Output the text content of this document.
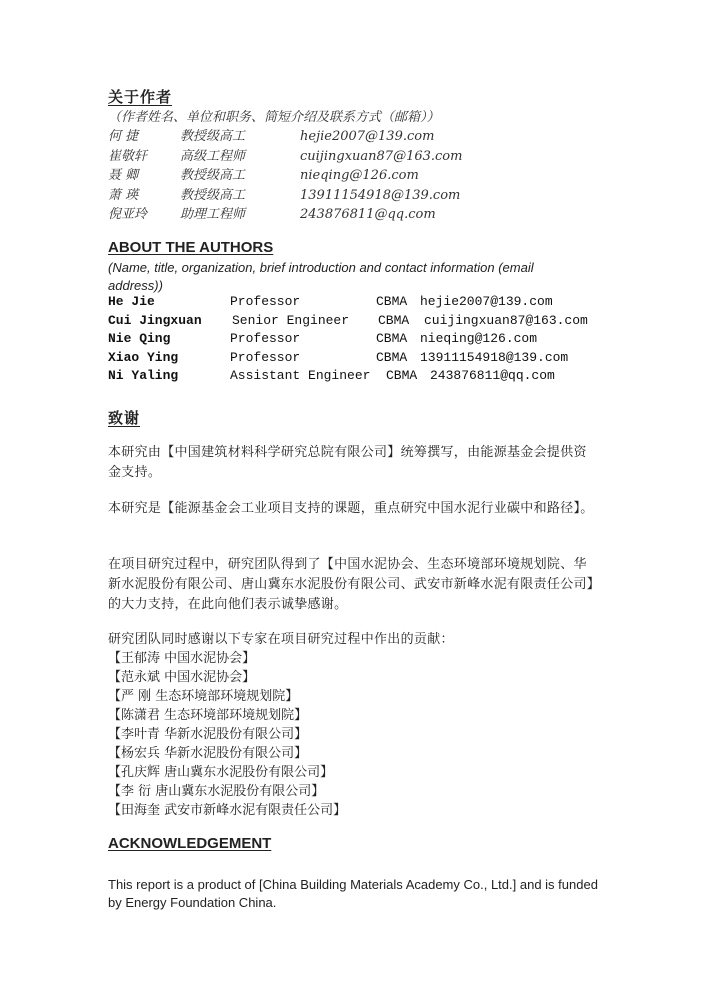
关于作者
（作者姓名、单位和职务、简短介绍及联系方式（邮箱））
何 捷	教授级高工	hejie2007@139.com
崔敬轩	高级工程师	cuijingxuan87@163.com
聂 卿	教授级高工	nieqing@126.com
萧 瑛	教授级高工	13911154918@139.com
倪亚玲	助理工程师	243876811@qq.com
ABOUT THE AUTHORS
(Name, title, organization, brief introduction and contact information (email address))
He Jie	Professor	CBMA hejie2007@139.com
Cui Jingxuan Senior Engineer CBMA cuijingxuan87@163.com
Nie Qing	Professor	CBMA nieqing@126.com
Xiao Ying	Professor	CBMA 13911154918@139.com
Ni Yaling	Assistant Engineer CBMA 243876811@qq.com
致谢
本研究由【中国建筑材料科学研究总院有限公司】统筹撰写，由能源基金会提供资金支持。
本研究是【能源基金会工业项目支持的课题，重点研究中国水泥行业碳中和路径】。
在项目研究过程中，研究团队得到了【中国水泥协会、生态环境部环境规划院、华新水泥股份有限公司、唐山冀东水泥股份有限公司、武安市新峰水泥有限责任公司】的大力支持，在此向他们表示诚挚感谢。
研究团队同时感谢以下专家在项目研究过程中作出的贡献：
【王郁涛 中国水泥协会】
【范永斌 中国水泥协会】
【严 刚 生态环境部环境规划院】
【陈潇君 生态环境部环境规划院】
【李叶青 华新水泥股份有限公司】
【杨宏兵 华新水泥股份有限公司】
【孔庆辉 唐山冀东水泥股份有限公司】
【李 衍 唐山冀东水泥股份有限公司】
【田海奎 武安市新峰水泥有限责任公司】
ACKNOWLEDGEMENT
This report is a product of [China Building Materials Academy Co., Ltd.] and is funded by Energy Foundation China.
